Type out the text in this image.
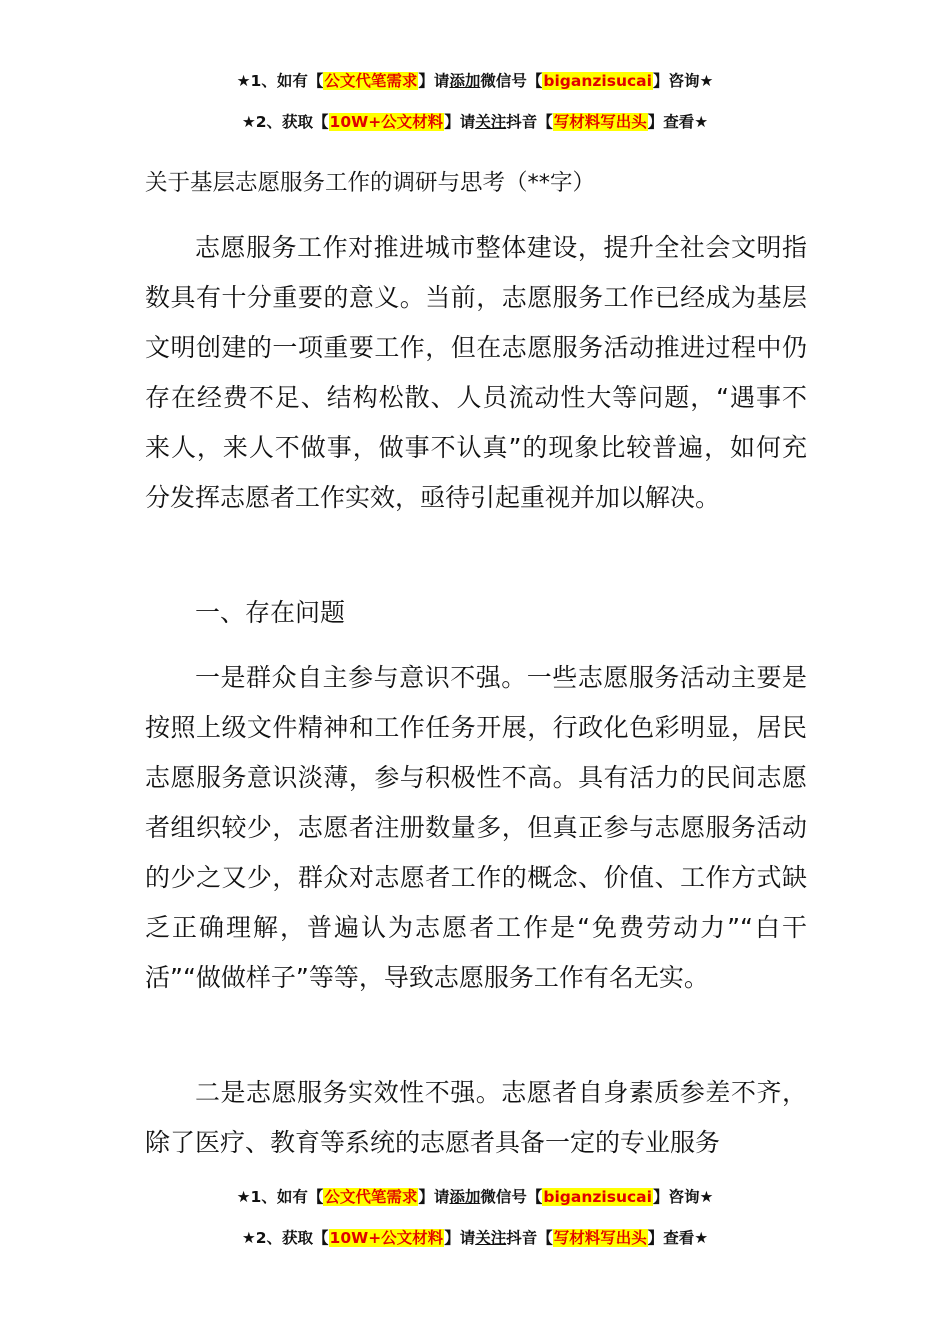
★1、如有【公文代笔需求】请添加微信号【biganzisucai】咨询★
★2、获取【10W+公文材料】请关注抖音【写材料写出头】查看★
关于基层志愿服务工作的调研与思考（**字）

志愿服务工作对推进城市整体建设，提升全社会文明指数具有十分重要的意义。当前，志愿服务工作已经成为基层文明创建的一项重要工作，但在志愿服务活动推进过程中仍存在经费不足、结构松散、人员流动性大等问题，“遇事不来人，来人不做事，做事不认真”的现象比较普遍，如何充分发挥志愿者工作实效，亟待引起重视并加以解决。

一、存在问题

一是群众自主参与意识不强。一些志愿服务活动主要是按照上级文件精神和工作任务开展，行政化色彩明显，居民志愿服务意识淡薄，参与积极性不高。具有活力的民间志愿者组织较少，志愿者注册数量多，但真正参与志愿服务活动的少之又少，群众对志愿者工作的概念、价值、工作方式缺乏正确理解，普遍认为志愿者工作是“免费劳动力”“白干活”“做做样子”等等，导致志愿服务工作有名无实。

二是志愿服务实效性不强。志愿者自身素质参差不齐，除了医疗、教育等系统的志愿者具备一定的专业服务

★1、如有【公文代笔需求】请添加微信号【biganzisucai】咨询★
★2、获取【10W+公文材料】请关注抖音【写材料写出头】查看★
